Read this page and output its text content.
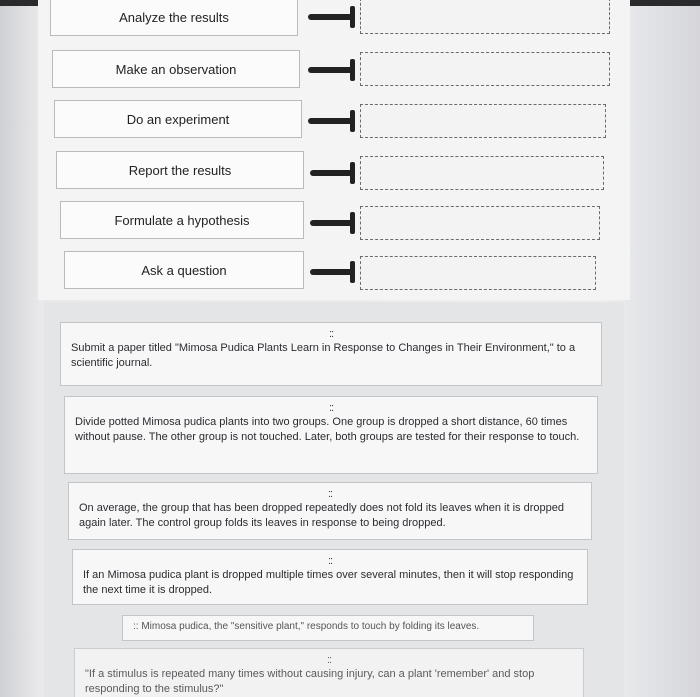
Analyze the results
Make an observation
Do an experiment
Report the results
Formulate a hypothesis
Ask a question
::
Submit a paper titled "Mimosa Pudica Plants Learn in Response to Changes in Their Environment," to a scientific journal.
::
Divide potted Mimosa pudica plants into two groups. One group is dropped a short distance, 60 times without pause. The other group is not touched. Later, both groups are tested for their response to touch.
::
On average, the group that has been dropped repeatedly does not fold its leaves when it is dropped again later. The control group folds its leaves in response to being dropped.
::
If an Mimosa pudica plant is dropped multiple times over several minutes, then it will stop responding the next time it is dropped.
:: Mimosa pudica, the "sensitive plant," responds to touch by folding its leaves.
::
"If a stimulus is repeated many times without causing injury, can a plant 'remember' and stop responding to the stimulus?"
